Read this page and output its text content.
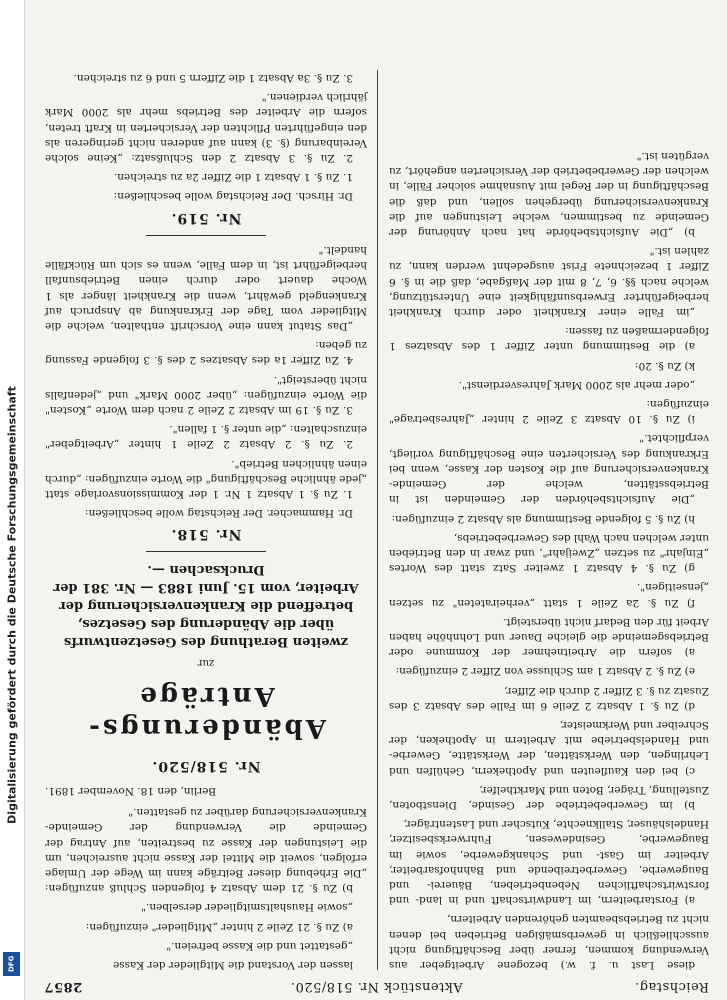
Digitalisierung gefördert durch die Deutsche Forschungsgemeinschaft
DFG
Reichstag.
Aktenstück Nr. 518/520.
2857

diese Last u. f. w.) bezogene Arbeitgeber aus Verwendung kommen, ferner über Beschäftigung nicht ausschließlich in gewerbsmäßigen Betrieben bei denen nicht zu Betriebsbeamten gehörenden Arbeitern,

a) Forstarbeitern, im Landwirtschaft und in land- und forstwirtschaftlichen Nebenbetrieben, Bäuerei- und Baugewerbe, Gewerbetreibende und Bahnhofsarbeiter, Arbeiter im Gast- und Schankgewerbe, sowie im Baugewerbe, Gesindewesen, Fuhrwerksbesitzer, Handelshäuser, Stallknechte, Kutscher und Lastenträger,

b) im Gewerbebetriebe der Gesinde, Dienstboten, Zustellung, Träger, Boten und Markthelfer,

c) bei den Kaufleuten und Apothekern, Gehülfen und Lehrlingen, den Werkstätten, der Werkstätte, Gewerbe- und Handelsbetriebe mit Arbeitern in Apotheken, der Schreiber und Werkmeister,

d) Zu §. 1 Absatz 2 Zeile 6 im Falle des Absatz 3 des Zusatz zu §. 3 Ziffer 2 durch die Ziffer,

e) Zu §. 2 Absatz 1 am Schlusse von Ziffer 2 einzufügen:

a) sofern die Arbeitnehmer der Kommune oder Betriebsgemeinde die gleiche Dauer und Lohnhöhe haben Arbeit für den Bedarf nicht übersteigt.

f) Zu §. 2a Zeile 1 statt „verheirateten" zu setzen „jenseitigen".

g) Zu §. 4 Absatz 1 zweiter Satz statt des Wortes „Einjahr" zu setzen „Zweijahr", und zwar in den Betrieben unter welchen nach Wahl des Gewerbebetriebs,

h) Zu §. 5 folgende Bestimmung als Absatz 2 einzufügen:

„Die Aufsichtsbehörden der Gemeinden ist in Betriebsstätten, welche der Gemeinde-Krankenversicherung auf die Kosten der Kasse, wenn bei Erkrankung des Versicherten eine Beschäftigung vorliegt, verpflichtet."

i) Zu §. 10 Absatz 3 Zeile 2 hinter „Jahresbetrage" einzufügen:

„oder mehr als 2000 Mark Jahresverdienst".

k) Zu §. 20:

a) die Bestimmung unter Ziffer 1 des Absatzes 1 folgendermaßen zu fassen:

„im Falle einer Krankheit oder durch Krankheit herbeigeführter Erwerbsunfähigkeit eine Unterstützung, welche nach §§. 6, 7, 8 mit der Maßgabe, daß die in §. 6 Ziffer 1 bezeichnete Frist ausgedehnt werden kann, zu zahlen ist."

b) „Die Aufsichtsbehörde hat nach Anhörung der Gemeinde zu bestimmen, welche Leistungen auf die Krankenversicherung übergehen sollen, und daß die Beschäftigung in der Regel mit Ausnahme solcher Fälle, in welchen der Gewerbebetrieb der Versicherten angehört, zu vergüten ist."

lassen der Vorstand die Mitglieder der Kasse

„gestattet und die Kasse befreien."

a) Zu §. 21 Zeile 2 hinter „Mitglieder" einzufügen:

„sowie Haushaltsmitglieder derselben."

b) Zu §. 21 dem Absatz 4 folgenden Schluß anzufügen: „Die Erhebung dieser Beiträge kann im Wege der Umlage erfolgen, soweit die Mittel der Kasse nicht ausreichen, um die Leistungen der Kasse zu bestreiten, auf Antrag der Gemeinde die Verwendung der Gemeinde-Krankenversicherung darüber zu gestatten."

Berlin, den 18. November 1891.
Nr. 518/520.
Abänderungs-Anträge
zur
zweiten Berathung des Gesetzentwurfs über die Abänderung des Gesetzes, betreffend die Krankenversicherung der Arbeiter, vom 15. Juni 1883 — Nr. 381 der Drucksachen —.
Nr. 518.

Dr. Hammacher. Der Reichstag wolle beschließen:

1. Zu §. 1 Absatz 1 Nr. 1 der Kommissionsvorlage statt „jede ähnliche Beschäftigung" die Worte einzufügen: „durch einen ähnlichen Betrieb".

2. Zu §. 2 Absatz 2 Zeile 1 hinter „Arbeitgeber" einzuschalten: „die unter §. 1 fallen".

3. Zu §. 19 im Absatz 2 Zeile 2 nach dem Worte „Kosten" die Worte einzufügen: „über 2000 Mark" und „jedenfalls nicht übersteigt".

4. Zu Ziffer 1a des Absatzes 2 des §. 3 folgende Fassung zu geben:

„Das Statut kann eine Vorschrift enthalten, welche die Mitglieder vom Tage der Erkrankung ab Anspruch auf Krankengeld gewährt, wenn die Krankheit länger als 1 Woche dauert oder durch einen Betriebsunfall herbeigeführt ist, in dem Falle, wenn es sich um Rückfälle handelt."

Nr. 519.

Dr. Hirsch. Der Reichstag wolle beschließen:

1. Zu §. 1 Absatz 1 die Ziffer 2a zu streichen.

2. Zu §. 3 Absatz 2 den Schlußsatz: „Keine solche Vereinbarung (§. 3) kann auf anderen nicht geringeren als den eingeführten Pflichten der Versicherten in Kraft treten, sofern die Arbeiter des Betriebs mehr als 2000 Mark jährlich verdienen."

3. Zu §. 3a Absatz 1 die Ziffern 5 und 6 zu streichen.
